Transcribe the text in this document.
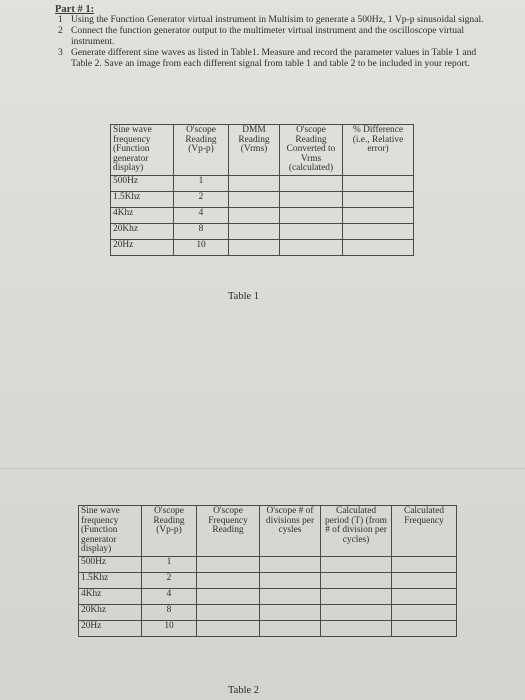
Part # 1:
1 Using the Function Generator virtual instrument in Multisim to generate a 500Hz, 1 Vp-p sinusoidal signal.
2 Connect the function generator output to the multimeter virtual instrument and the oscilloscope virtual instrument.
3 Generate different sine waves as listed in Table1. Measure and record the parameter values in Table 1 and Table 2. Save an image from each different signal from table 1 and table 2 to be included in your report.
Sine wave frequency (Function generator display)	O'scope Reading (Vp-p)	DMM Reading (Vrms)	O'scope Reading Converted to Vrms (calculated)	% Difference (i.e., Relative error)
500Hz	1			
1.5Khz	2			
4Khz	4			
20Khz	8			
20Hz	10			
Table 1
Sine wave frequency (Function generator display)	O'scope Reading (Vp-p)	O'scope Frequency Reading	O'scope # of divisions per cysles	Calculated period (T) (from # of division per cycles)	Calculated Frequency
500Hz	1				
1.5Khz	2				
4Khz	4				
20Khz	8				
20Hz	10				
Table 2
